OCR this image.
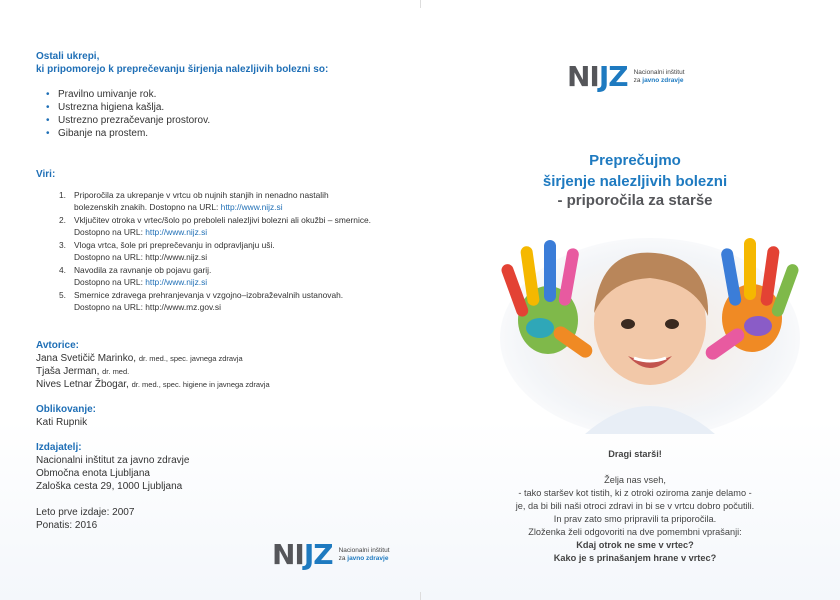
Ostali ukrepi,
ki pripomorejo k preprečevanju širjenja nalezljivih bolezni so:
• Pravilno umivanje rok.
• Ustrezna higiena kašlja.
• Ustrezno prezračevanje prostorov.
• Gibanje na prostem.
Viri:
1. Priporočila za ukrepanje v vrtcu ob nujnih stanjih in nenadno nastalih
bolezenskih znakih. Dostopno na URL: http://www.nijz.si
2. Vključitev otroka v vrtec/šolo po preboleli nalezljivi bolezni ali okužbi – smernice.
Dostopno na URL: http://www.nijz.si
3. Vloga vrtca, šole pri preprečevanju in odpravljanju uši.
Dostopno na URL: http://www.nijz.si
4. Navodila za ravnanje ob pojavu garij.
Dostopno na URL: http://www.nijz.si
5. Smernice zdravega prehranjevanja v vzgojno–izobraževalnih ustanovah.
Dostopno na URL: http://www.mz.gov.si
Avtorice:
Jana Svetičič Marinko, dr. med., spec. javnega zdravja
Tjaša Jerman, dr. med.
Nives Letnar Žbogar, dr. med., spec. higiene in javnega zdravja
Oblikovanje:
Kati Rupnik
Izdajatelj:
Nacionalni inštitut za javno zdravje
Območna enota Ljubljana
Zaloška cesta 29, 1000 Ljubljana
Leto prve izdaje: 2007
Ponatis: 2016
NIJZ Nacionalni inštitut
za javno zdravje
NIJZ Nacionalni inštitut
za javno zdravje
Preprečujmo
širjenje nalezljivih bolezni
- priporočila za starše
Dragi starši!
Želja nas vseh,
- tako staršev kot tistih, ki z otroki oziroma zanje delamo -
je, da bi bili naši otroci zdravi in bi se v vrtcu dobro počutili.
In prav zato smo pripravili ta priporočila.
Zloženka želi odgovoriti na dve pomembni vprašanji:
Kdaj otrok ne sme v vrtec?
Kako je s prinašanjem hrane v vrtec?
